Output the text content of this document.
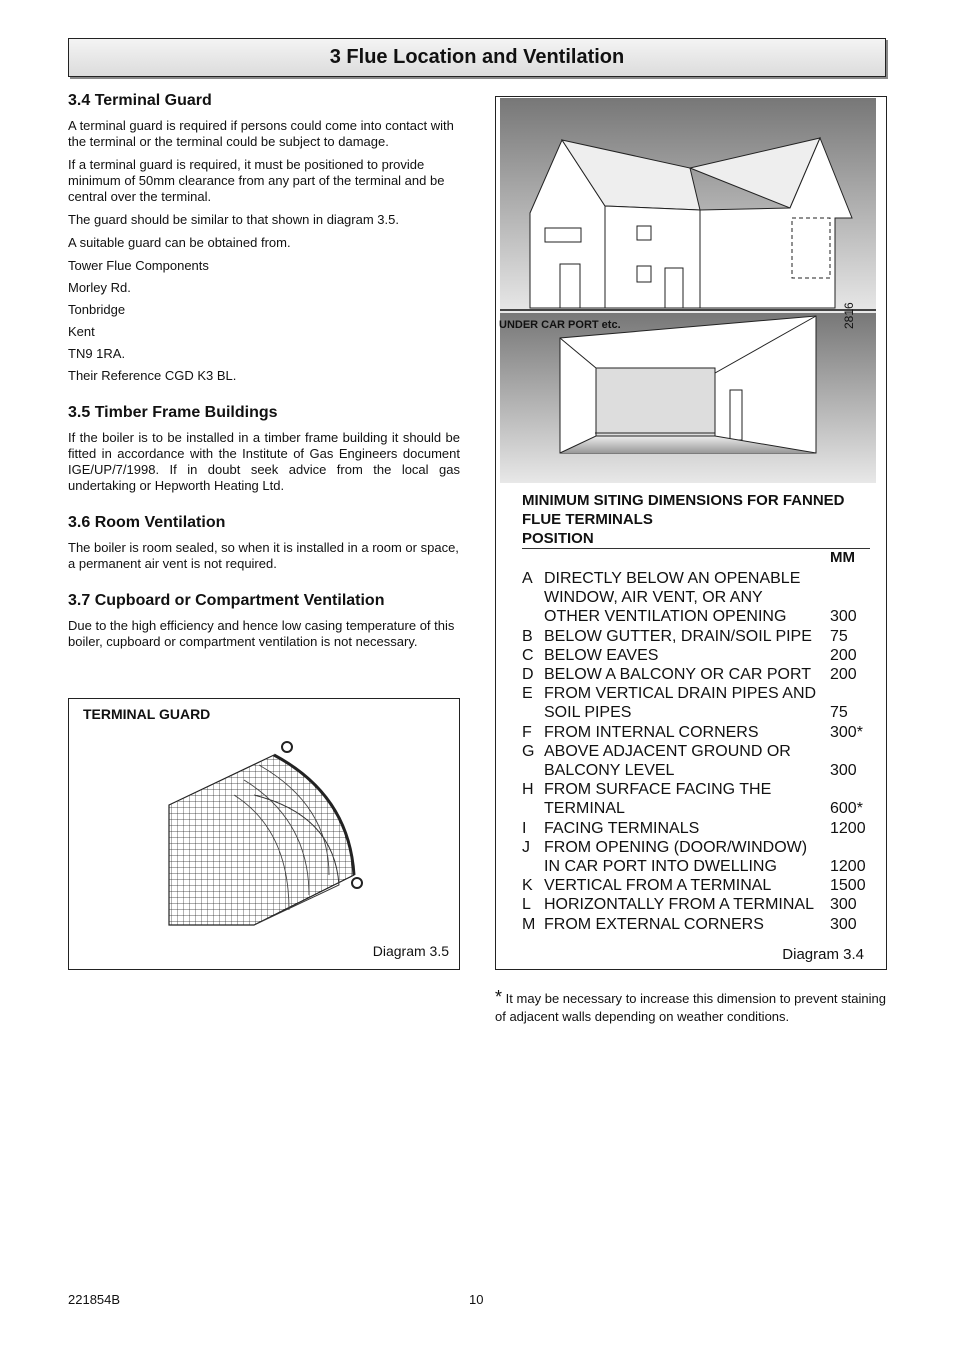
3 Flue Location and Ventilation
3.4 Terminal Guard

A terminal guard is required if persons could come into contact with the terminal or the terminal could be subject to damage.

If a terminal guard is required, it must be positioned to provide minimum of 50mm clearance from any part of the terminal and be central over the terminal.

The guard should be similar to that shown in diagram 3.5.

A suitable guard can be obtained from.

Tower Flue Components

Morley Rd.

Tonbridge

Kent

TN9 1RA.

Their Reference CGD K3 BL.

3.5 Timber Frame Buildings

If the boiler is to be installed in a timber frame building it should be fitted in accordance with the Institute of Gas Engineers document IGE/UP/7/1998. If in doubt seek advice from the local gas undertaking or Hepworth Heating Ltd.

3.6 Room Ventilation

The boiler is room sealed, so when it is installed in a room or space, a permanent air vent is not required.

3.7 Cupboard or Compartment Ventilation

Due to the high efficiency and hence low casing temperature of this boiler, cupboard or compartment ventilation is not necessary.

TERMINAL GUARD
Diagram 3.5
UNDER CAR PORT etc.	2816
MINIMUM SITING DIMENSIONS FOR FANNED FLUE TERMINALS
POSITION
MM
A DIRECTLY BELOW AN OPENABLE
WINDOW, AIR VENT, OR ANY
OTHER VENTILATION OPENING	300
B BELOW GUTTER, DRAIN/SOIL PIPE	75
C BELOW EAVES	200
D BELOW A BALCONY OR CAR PORT	200
E FROM VERTICAL DRAIN PIPES AND
SOIL PIPES	75
F FROM INTERNAL CORNERS	300*
G ABOVE ADJACENT GROUND OR
BALCONY LEVEL	300
H FROM SURFACE FACING THE
TERMINAL	600*
I	FACING TERMINALS	1200
J FROM OPENING (DOOR/WINDOW)
IN CAR PORT INTO DWELLING	1200
K VERTICAL FROM A TERMINAL	1500
L HORIZONTALLY FROM A TERMINAL	300
M FROM EXTERNAL CORNERS	300
Diagram 3.4
* It may be necessary to increase this dimension to prevent staining of adjacent walls depending on weather conditions.
221854B	10
